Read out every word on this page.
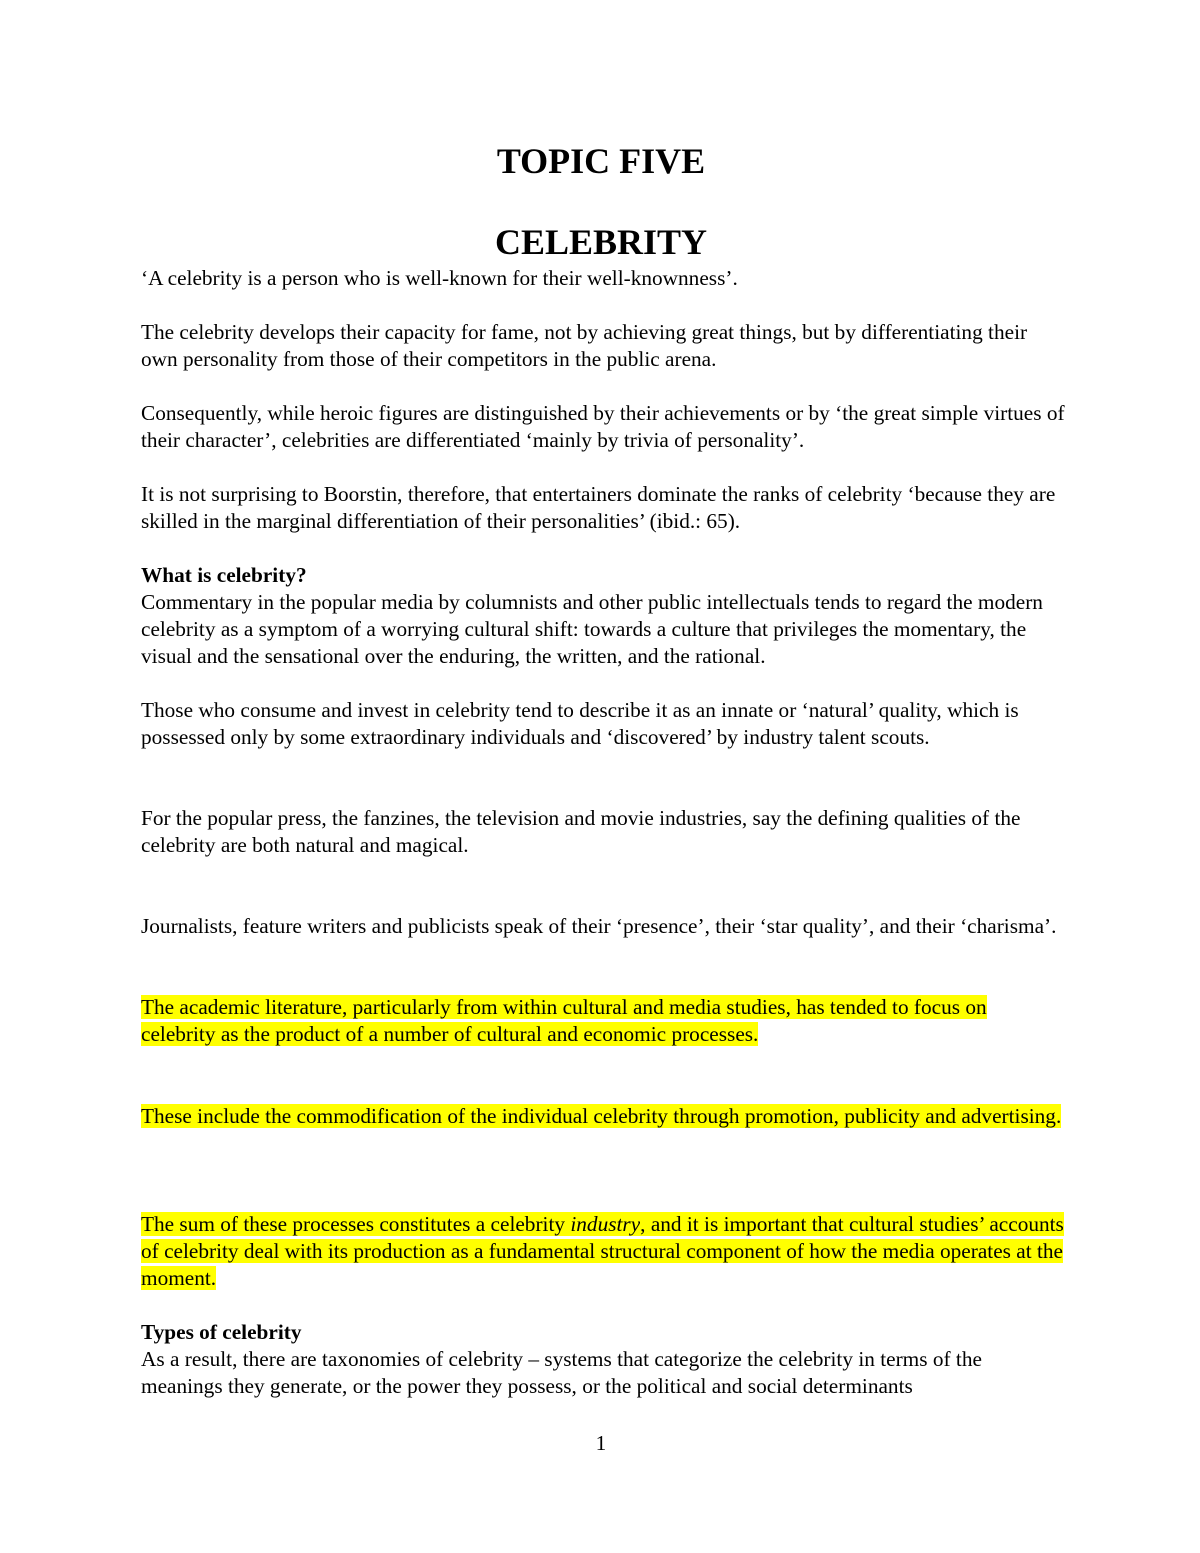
TOPIC FIVE
CELEBRITY

‘A celebrity is a person who is well-known for their well-knownness’.

The celebrity develops their capacity for fame, not by achieving great things, but by differentiating their own personality from those of their competitors in the public arena.

Consequently, while heroic figures are distinguished by their achievements or by ‘the great simple virtues of their character’, celebrities are differentiated ‘mainly by trivia of personality’.

It is not surprising to Boorstin, therefore, that entertainers dominate the ranks of celebrity ‘because they are skilled in the marginal differentiation of their personalities’ (ibid.: 65).

What is celebrity?

Commentary in the popular media by columnists and other public intellectuals tends to regard the modern celebrity as a symptom of a worrying cultural shift: towards a culture that privileges the momentary, the visual and the sensational over the enduring, the written, and the rational.

Those who consume and invest in celebrity tend to describe it as an innate or ‘natural’ quality, which is possessed only by some extraordinary individuals and ‘discovered’ by industry talent scouts.

For the popular press, the fanzines, the television and movie industries, say the defining qualities of the celebrity are both natural and magical.

Journalists, feature writers and publicists speak of their ‘presence’, their ‘star quality’, and their ‘charisma’.

The academic literature, particularly from within cultural and media studies, has tended to focus on celebrity as the product of a number of cultural and economic processes.

These include the commodification of the individual celebrity through promotion, publicity and advertising.

The sum of these processes constitutes a celebrity industry, and it is important that cultural studies’ accounts of celebrity deal with its production as a fundamental structural component of how the media operates at the moment.

Types of celebrity

As a result, there are taxonomies of celebrity – systems that categorize the celebrity in terms of the meanings they generate, or the power they possess, or the political and social determinants

1
